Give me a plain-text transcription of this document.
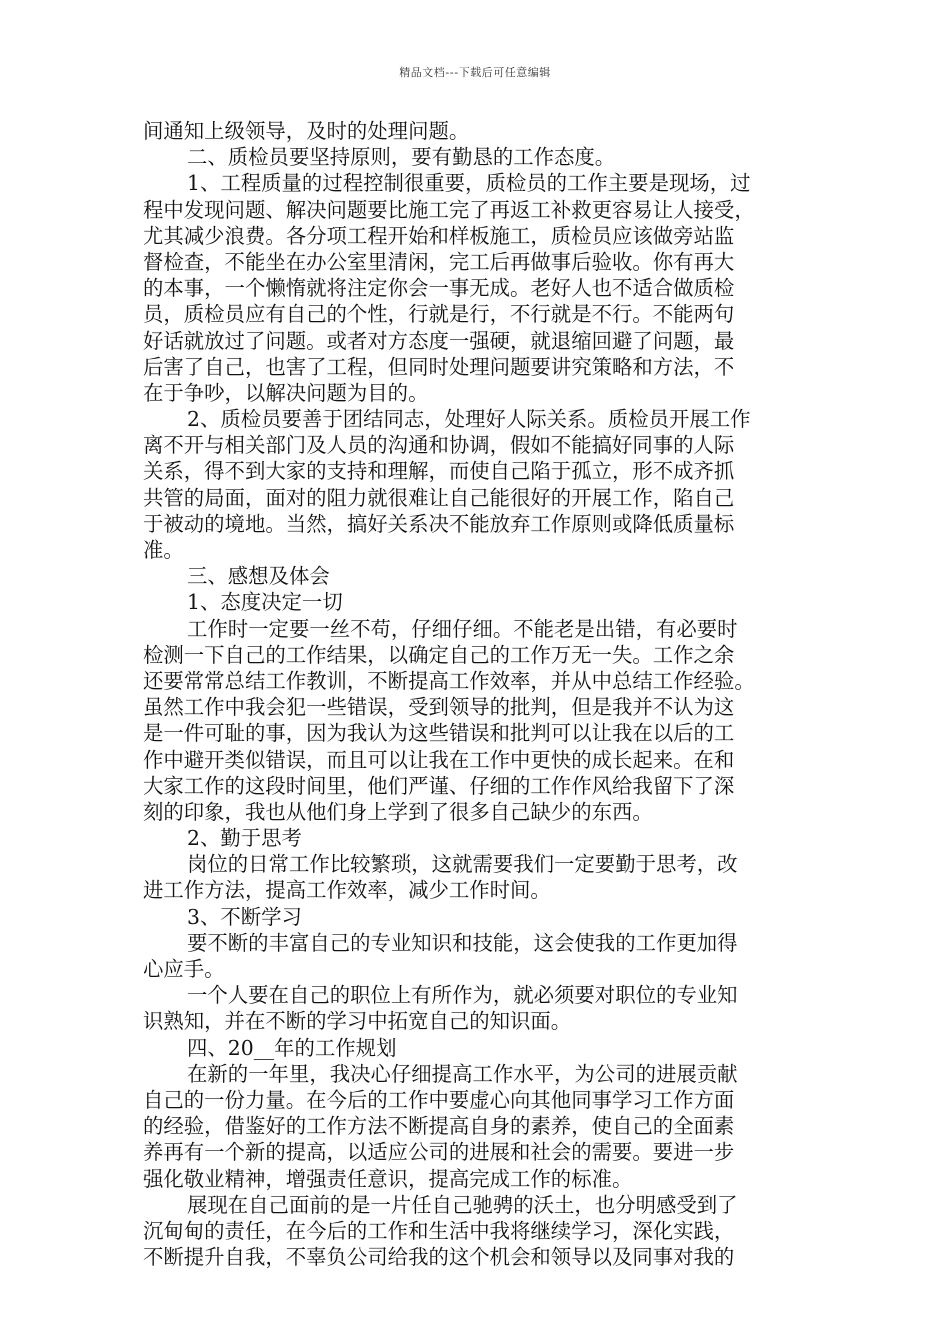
精品文档---下载后可任意编辑
间通知上级领导，及时的处理问题。
二、质检员要坚持原则，要有勤恳的工作态度。
1、工程质量的过程控制很重要，质检员的工作主要是现场，过
程中发现问题、解决问题要比施工完了再返工补救更容易让人接受，
尤其减少浪费。各分项工程开始和样板施工，质检员应该做旁站监
督检查，不能坐在办公室里清闲，完工后再做事后验收。你有再大
的本事，一个懒惰就将注定你会一事无成。老好人也不适合做质检
员，质检员应有自己的个性，行就是行，不行就是不行。不能两句
好话就放过了问题。或者对方态度一强硬，就退缩回避了问题，最
后害了自己，也害了工程，但同时处理问题要讲究策略和方法，不
在于争吵，以解决问题为目的。
2、质检员要善于团结同志，处理好人际关系。质检员开展工作
离不开与相关部门及人员的沟通和协调，假如不能搞好同事的人际
关系，得不到大家的支持和理解，而使自己陷于孤立，形不成齐抓
共管的局面，面对的阻力就很难让自己能很好的开展工作，陷自己
于被动的境地。当然，搞好关系决不能放弃工作原则或降低质量标
准。
三、感想及体会
1、态度决定一切
工作时一定要一丝不苟，仔细仔细。不能老是出错，有必要时
检测一下自己的工作结果，以确定自己的工作万无一失。工作之余
还要常常总结工作教训，不断提高工作效率，并从中总结工作经验。
虽然工作中我会犯一些错误，受到领导的批判，但是我并不认为这
是一件可耻的事，因为我认为这些错误和批判可以让我在以后的工
作中避开类似错误，而且可以让我在工作中更快的成长起来。在和
大家工作的这段时间里，他们严谨、仔细的工作作风给我留下了深
刻的印象，我也从他们身上学到了很多自己缺少的东西。
2、勤于思考
岗位的日常工作比较繁琐，这就需要我们一定要勤于思考，改
进工作方法，提高工作效率，减少工作时间。
3、不断学习
要不断的丰富自己的专业知识和技能，这会使我的工作更加得
心应手。
一个人要在自己的职位上有所作为，就必须要对职位的专业知
识熟知，并在不断的学习中拓宽自己的知识面。
四、20__年的工作规划
在新的一年里，我决心仔细提高工作水平，为公司的进展贡献
自己的一份力量。在今后的工作中要虚心向其他同事学习工作方面
的经验，借鉴好的工作方法不断提高自身的素养，使自己的全面素
养再有一个新的提高，以适应公司的进展和社会的需要。要进一步
强化敬业精神，增强责任意识，提高完成工作的标准。
展现在自己面前的是一片任自己驰骋的沃土，也分明感受到了
沉甸甸的责任，在今后的工作和生活中我将继续学习，深化实践，
不断提升自我，不辜负公司给我的这个机会和领导以及同事对我的
